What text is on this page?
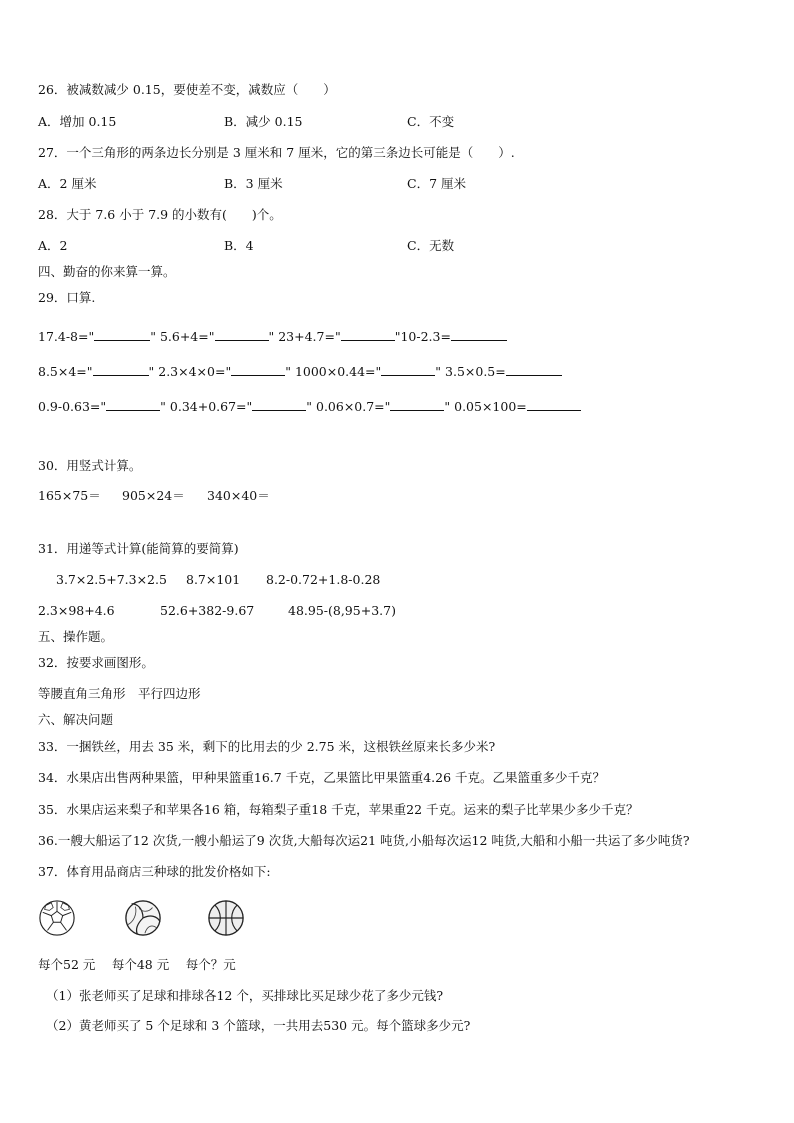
26．被减数减少 0.15，要使差不变，减数应（　　）
A．增加 0.15	B．减少 0.15	C．不变
27．一个三角形的两条边长分别是 3 厘米和 7 厘米，它的第三条边长可能是（　　）.
A．2 厘米	B．3 厘米	C．7 厘米
28．大于 7.6 小于 7.9 的小数有(　　)个。
A．2	B．4	C．无数
四、勤奋的你来算一算。
29．口算.
17.4-8="	" 5.6+4="	" 23+4.7="	"10-2.3=
8.5×4="	" 2.3×4×0="	" 1000×0.44="	" 3.5×0.5=
0.9-0.63="	" 0.34+0.67="	" 0.06×0.7="	" 0.05×100=
30．用竖式计算。
165×75＝ 905×24＝ 340×40＝
31．用递等式计算(能简算的要简算)
3.7×2.5+7.3×2.5 8.7×101 8.2-0.72+1.8-0.28
2.3×98+4.6	52.6+382-9.67	48.95-(8,95+3.7)
五、操作题。
32．按要求画图形。
等腰直角三角形　平行四边形
六、解决问题
33．一捆铁丝，用去 35 米，剩下的比用去的少 2.75 米，这根铁丝原来长多少米?
34．水果店出售两种果篮，甲种果篮重16.7 千克，乙果篮比甲果篮重4.26 千克。乙果篮重多少千克？
35．水果店运来梨子和苹果各16 箱，每箱梨子重18 千克，苹果重22 千克。运来的梨子比苹果少多少千克？
36.一艘大船运了12 次货,一艘小船运了9 次货,大船每次运21 吨货,小船每次运12 吨货,大船和小船一共运了多少吨货?
37．体育用品商店三种球的批发价格如下:
每个52 元　 每个48 元　 每个？元
（1）张老师买了足球和排球各12 个，买排球比买足球少花了多少元钱?
（2）黄老师买了 5 个足球和 3 个篮球，一共用去530 元。每个篮球多少元?
